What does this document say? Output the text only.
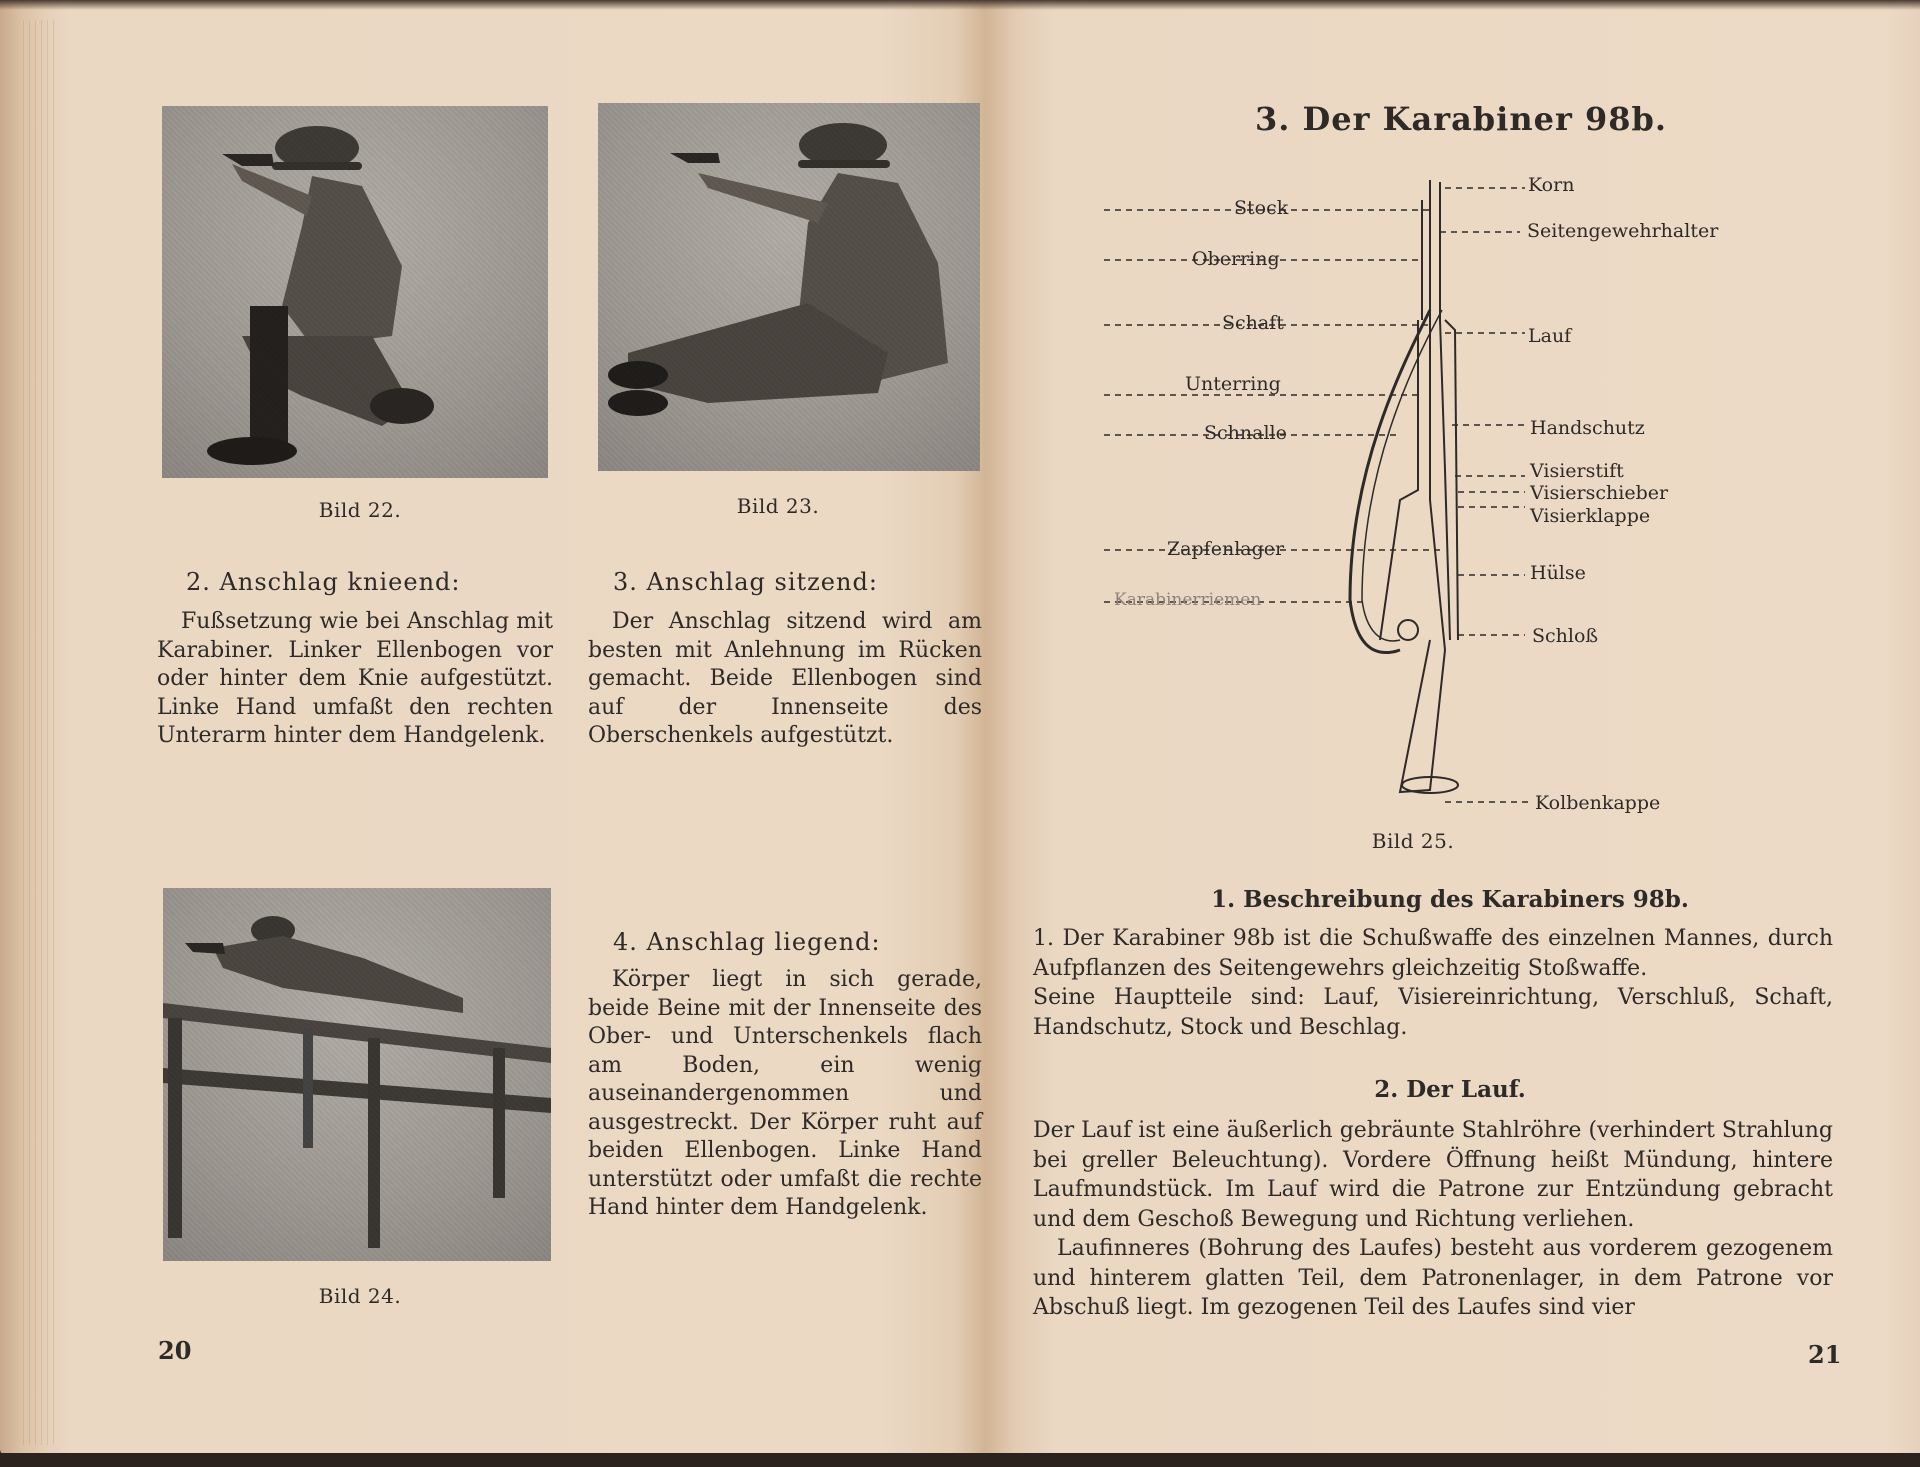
Bild 22.	Bild 23.
2. Anschlag knieend:

Fußsetzung wie bei Anschlag mit Karabiner. Linker Ellenbogen vor oder hinter dem Knie aufgestützt. Linke Hand umfaßt den rechten Unterarm hinter dem Handgelenk.

3. Anschlag sitzend:

Der Anschlag sitzend wird am besten mit Anlehnung im Rücken gemacht. Beide Ellenbogen sind auf der Innenseite des Oberschenkels aufgestützt.

Bild 24.
4. Anschlag liegend:

Körper liegt in sich gerade, beide Beine mit der Innenseite des Ober- und Unterschenkels flach am Boden, ein wenig auseinandergenommen und ausgestreckt. Der Körper ruht auf beiden Ellenbogen. Linke Hand unterstützt oder umfaßt die rechte Hand hinter dem Handgelenk.

20
3. Der Karabiner 98b.
Stock
Oberring
Schaft
Unterring
Schnalle
Zapfenlager
Karabinerriemen
Korn
Seitengewehrhalter
Lauf
Handschutz
Visierstift
Visierschieber
Visierklappe
Hülse
Schloß
Kolbenkappe
Bild 25.
1. Beschreibung des Karabiners 98b.

1. Der Karabiner 98b ist die Schußwaffe des einzelnen Mannes, durch Aufpflanzen des Seitengewehrs gleichzeitig Stoßwaffe.

Seine Hauptteile sind: Lauf, Visiereinrichtung, Verschluß, Schaft, Handschutz, Stock und Beschlag.

2. Der Lauf.

Der Lauf ist eine äußerlich gebräunte Stahlröhre (verhindert Strahlung bei greller Beleuchtung). Vordere Öffnung heißt Mündung, hintere Laufmundstück. Im Lauf wird die Patrone zur Entzündung gebracht und dem Geschoß Bewegung und Richtung verliehen.

Laufinneres (Bohrung des Laufes) besteht aus vorderem gezogenem und hinterem glatten Teil, dem Patronenlager, in dem Patrone vor Abschuß liegt. Im gezogenen Teil des Laufes sind vier

21
